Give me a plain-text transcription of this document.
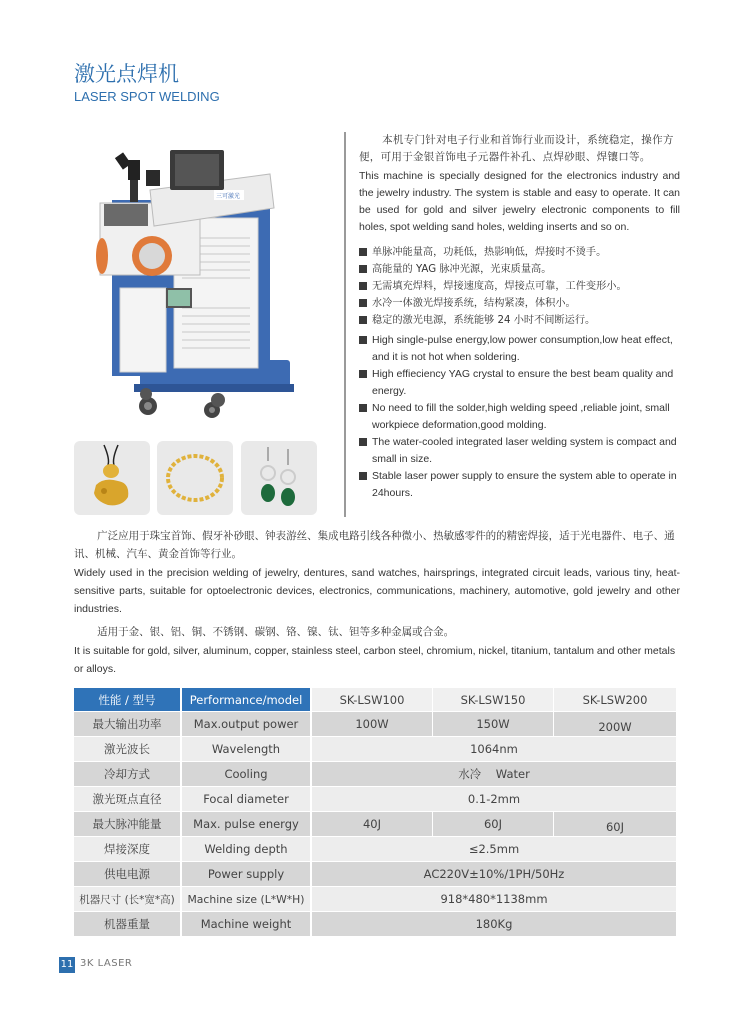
激光点焊机
LASER SPOT WELDING
三可激光

本机专门针对电子行业和首饰行业而设计，系统稳定，操作方便，可用于金银首饰电子元器件补孔、点焊砂眼、焊镶口等。

This machine is specially designed for the electronics industry and the jewelry industry. The system is stable and easy to operate. It can be used for gold and silver jewelry electronic components to fill holes, spot welding sand holes, welding inserts and so on.

单脉冲能量高，功耗低，热影响低，焊接时不烫手。
高能量的 YAG 脉冲光源，光束质量高。
无需填充焊料，焊接速度高，焊接点可靠，工件变形小。
水冷一体激光焊接系统，结构紧凑，体积小。
稳定的激光电源，系统能够 24 小时不间断运行。
High single-pulse energy,low power consumption,low heat effect, and it is not hot when soldering.
High effieciency YAG crystal to ensure the best beam quality and energy.
No need to fill the solder,high welding speed ,reliable joint, small workpiece deformation,good molding.
The water-cooled integrated laser welding system is compact and small in size.
Stable laser power supply to ensure the system able to operate in 24hours.

广泛应用于珠宝首饰、假牙补砂眼、钟表游丝、集成电路引线各种微小、热敏感零件的的精密焊接，适于光电器件、电子、通讯、机械、汽车、黄金首饰等行业。

Widely used in the precision welding of jewelry, dentures, sand watches, hairsprings, integrated circuit leads, various tiny, heat-sensitive parts, suitable for optoelectronic devices, electronics, communications, machinery, automotive, gold jewelry and other industries.

适用于金、银、铝、铜、不锈钢、碳钢、铬、镍、钛、钽等多种金属或合金。

It is suitable for gold, silver, aluminum, copper, stainless steel, carbon steel, chromium, nickel, titanium, tantalum and other metals or alloys.

性能 / 型号	Performance/model	SK-LSW100	SK-LSW150	SK-LSW200
最大输出功率	Max.output power	100W	150W	200W
激光波长	Wavelength	1064nm		
冷却方式	Cooling	水冷    Water		
激光斑点直径	Focal diameter	0.1-2mm		
最大脉冲能量	Max. pulse energy	40J	60J	60J
焊接深度	Welding depth	≤2.5mm		
供电电源	Power supply	AC220V±10%/1PH/50Hz		
机器尺寸 (长*宽*高)	Machine size (L*W*H)	918*480*1138mm		
机器重量	Machine weight	180Kg		
11 3K LASER
